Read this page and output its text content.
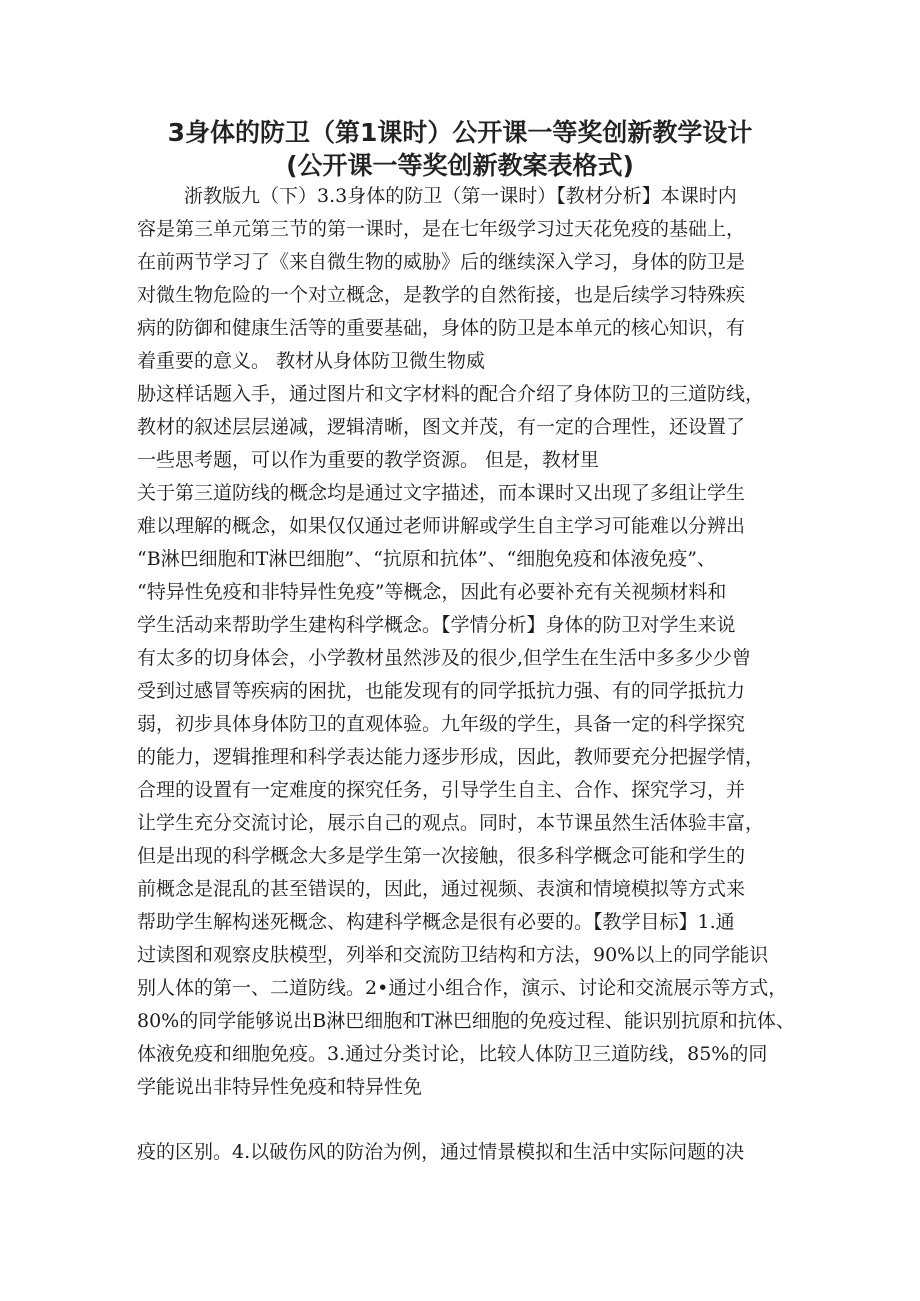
3身体的防卫（第1课时）公开课一等奖创新教学设计
(公开课一等奖创新教案表格式)
浙教版九（下）3.3身体的防卫（第一课时）【教材分析】本课时内
容是第三单元第三节的第一课时，是在七年级学习过天花免疫的基础上，
在前两节学习了《来自微生物的威胁》后的继续深入学习，身体的防卫是
对微生物危险的一个对立概念，是教学的自然衔接，也是后续学习特殊疾
病的防御和健康生活等的重要基础，身体的防卫是本单元的核心知识，有
着重要的意义。 教材从身体防卫微生物威
胁这样话题入手，通过图片和文字材料的配合介绍了身体防卫的三道防线，
教材的叙述层层递减，逻辑清晰，图文并茂，有一定的合理性，还设置了
一些思考题，可以作为重要的教学资源。 但是，教材里
关于第三道防线的概念均是通过文字描述，而本课时又出现了多组让学生
难以理解的概念，如果仅仅通过老师讲解或学生自主学习可能难以分辨出
“B淋巴细胞和T淋巴细胞”、“抗原和抗体”、“细胞免疫和体液免疫”、
“特异性免疫和非特异性免疫”等概念，因此有必要补充有关视频材料和
学生活动来帮助学生建构科学概念。【学情分析】身体的防卫对学生来说
有太多的切身体会，小学教材虽然涉及的很少,但学生在生活中多多少少曾
受到过感冒等疾病的困扰，也能发现有的同学抵抗力强、有的同学抵抗力
弱，初步具体身体防卫的直观体验。九年级的学生，具备一定的科学探究
的能力，逻辑推理和科学表达能力逐步形成，因此，教师要充分把握学情，
合理的设置有一定难度的探究任务，引导学生自主、合作、探究学习，并
让学生充分交流讨论，展示自己的观点。同时，本节课虽然生活体验丰富，
但是出现的科学概念大多是学生第一次接触，很多科学概念可能和学生的
前概念是混乱的甚至错误的，因此，通过视频、表演和情境模拟等方式来
帮助学生解构迷死概念、构建科学概念是很有必要的。【教学目标】1.通
过读图和观察皮肤模型，列举和交流防卫结构和方法，90%以上的同学能识
别人体的第一、二道防线。2•通过小组合作，演示、讨论和交流展示等方式，
80%的同学能够说出B淋巴细胞和T淋巴细胞的免疫过程、能识别抗原和抗体、
体液免疫和细胞免疫。3.通过分类讨论，比较人体防卫三道防线，85%的同
学能说出非特异性免疫和特异性免
疫的区别。4.以破伤风的防治为例，通过情景模拟和生活中实际问题的决
